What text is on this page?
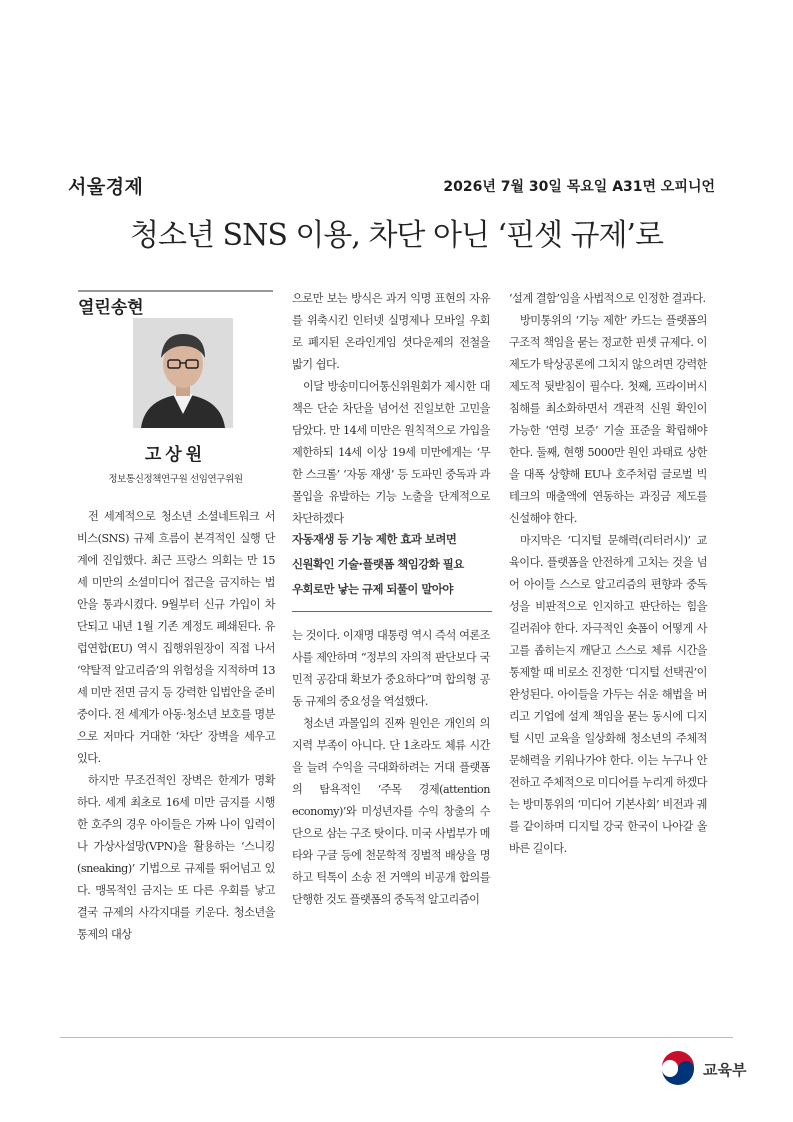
서울경제	2026년 7월 30일 목요일 A31면 오피니언
청소년 SNS 이용, 차단 아닌 ‘핀셋 규제’로
열린송현
고상원
정보통신정책연구원 선임연구위원

전 세계적으로 청소년 소셜네트워크 서비스(SNS) 규제 흐름이 본격적인 실행 단계에 진입했다. 최근 프랑스 의회는 만 15세 미만의 소셜미디어 접근을 금지하는 법안을 통과시켰다. 9월부터 신규 가입이 차단되고 내년 1월 기존 계정도 폐쇄된다. 유럽연합(EU) 역시 집행위원장이 직접 나서 ‘약탈적 알고리즘’의 위험성을 지적하며 13세 미만 전면 금지 등 강력한 입법안을 준비 중이다. 전 세계가 아동·청소년 보호를 명분으로 저마다 거대한 ‘차단’ 장벽을 세우고 있다.

하지만 무조건적인 장벽은 한계가 명확하다. 세계 최초로 16세 미만 금지를 시행한 호주의 경우 아이들은 가짜 나이 입력이나 가상사설망(VPN)을 활용하는 ‘스니킹(sneaking)’ 기법으로 규제를 뛰어넘고 있다. 맹목적인 금지는 또 다른 우회를 낳고 결국 규제의 사각지대를 키운다. 청소년을 통제의 대상

으로만 보는 방식은 과거 익명 표현의 자유를 위축시킨 인터넷 실명제나 모바일 우회로 폐지된 온라인게임 셧다운제의 전철을 밟기 쉽다.

이달 방송미디어통신위원회가 제시한 대책은 단순 차단을 넘어선 진일보한 고민을 담았다. 만 14세 미만은 원칙적으로 가입을 제한하되 14세 이상 19세 미만에게는 ‘무한 스크롤’ ‘자동 재생’ 등 도파민 중독과 과몰입을 유발하는 기능 노출을 단계적으로 차단하겠다

자동재생 등 기능 제한 효과 보려면
신원확인 기술·플랫폼 책임강화 필요
우회로만 낳는 규제 되풀이 말아야

는 것이다. 이재명 대통령 역시 즉석 여론조사를 제안하며 “정부의 자의적 판단보다 국민적 공감대 확보가 중요하다”며 합의형 공동 규제의 중요성을 역설했다.

청소년 과몰입의 진짜 원인은 개인의 의지력 부족이 아니다. 단 1초라도 체류 시간을 늘려 수익을 극대화하려는 거대 플랫폼의 탐욕적인 ‘주목 경제(attention economy)’와 미성년자를 수익 창출의 수단으로 삼는 구조 탓이다. 미국 사법부가 메타와 구글 등에 천문학적 징벌적 배상을 명하고 틱톡이 소송 전 거액의 비공개 합의를 단행한 것도 플랫폼의 중독적 알고리즘이

‘설계 결함’임을 사법적으로 인정한 결과다.

방미통위의 ‘기능 제한’ 카드는 플랫폼의 구조적 책임을 묻는 정교한 핀셋 규제다. 이 제도가 탁상공론에 그치지 않으려면 강력한 제도적 뒷받침이 필수다. 첫째, 프라이버시 침해를 최소화하면서 객관적 신원 확인이 가능한 ‘연령 보증’ 기술 표준을 확립해야 한다. 둘째, 현행 5000만 원인 과태료 상한을 대폭 상향해 EU나 호주처럼 글로벌 빅테크의 매출액에 연동하는 과징금 제도를 신설해야 한다.

마지막은 ‘디지털 문해력(리터러시)’ 교육이다. 플랫폼을 안전하게 고치는 것을 넘어 아이들 스스로 알고리즘의 편향과 중독성을 비판적으로 인지하고 판단하는 힘을 길러줘야 한다. 자극적인 숏폼이 어떻게 사고를 좁히는지 깨닫고 스스로 체류 시간을 통제할 때 비로소 진정한 ‘디지털 선택권’이 완성된다. 아이들을 가두는 쉬운 해법을 버리고 기업에 설계 책임을 묻는 동시에 디지털 시민 교육을 일상화해 청소년의 주체적 문해력을 키워나가야 한다. 이는 누구나 안전하고 주체적으로 미디어를 누리게 하겠다는 방미통위의 ‘미디어 기본사회’ 비전과 궤를 같이하며 디지털 강국 한국이 나아갈 올바른 길이다.

교육부
